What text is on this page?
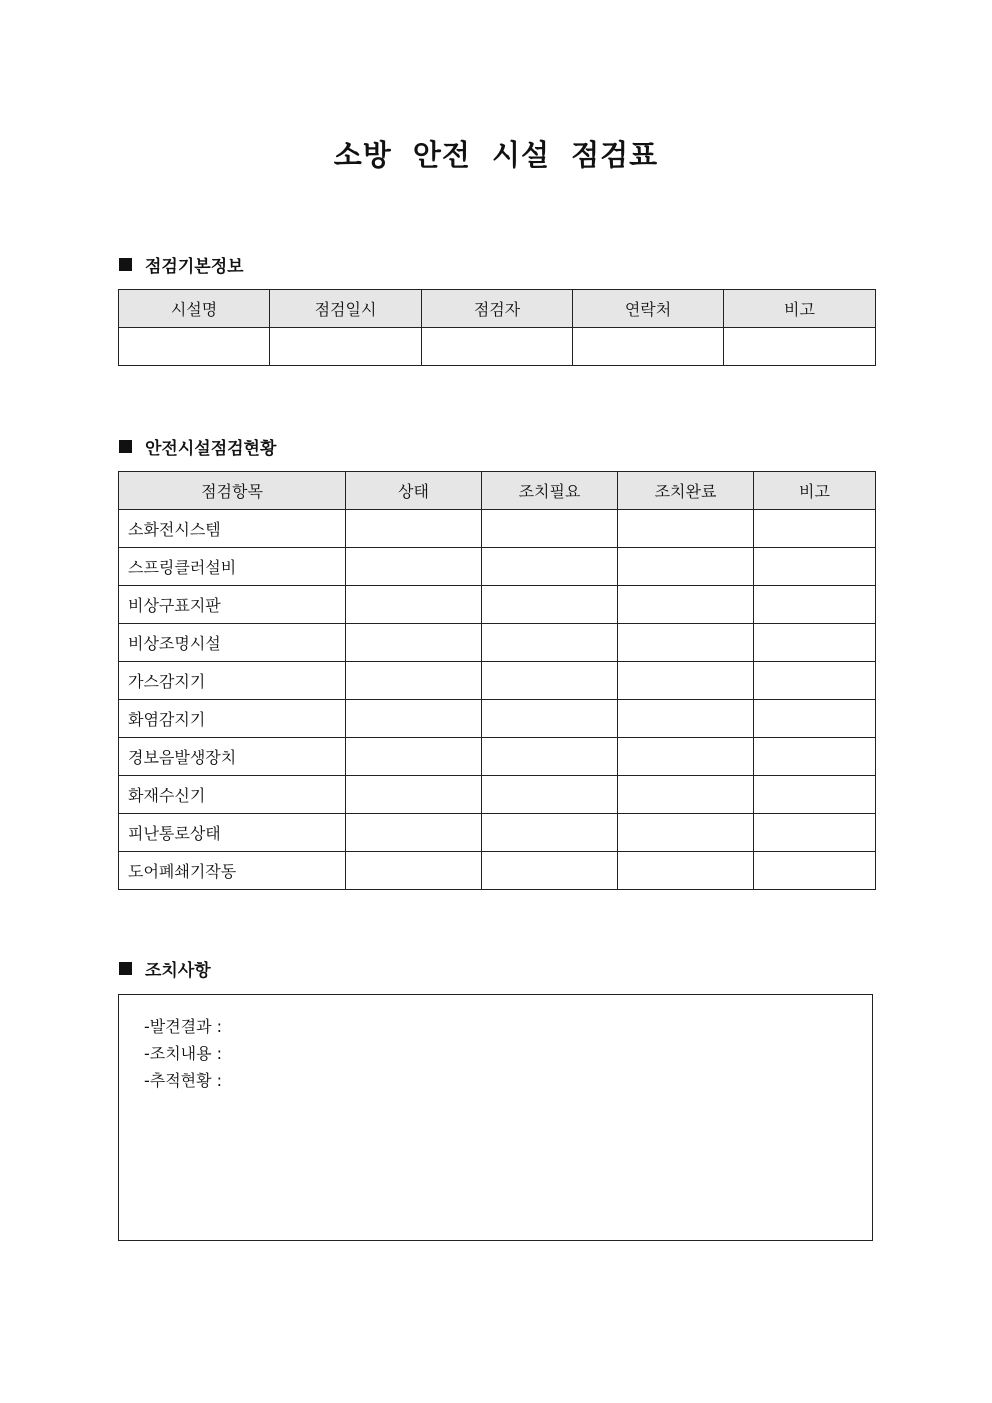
소방 안전 시설 점검표
점검기본정보
시설명	점검일시	점검자	연락처	비고

안전시설점검현황
점검항목	상태	조치필요	조치완료	비고
소화전시스템				
스프링클러설비				
비상구표지판				
비상조명시설				
가스감지기				
화염감지기				
경보음발생장치				
화재수신기				
피난통로상태				
도어폐쇄기작동				
조치사항
-발견결과 :
-조치내용 :
-추적현황 :
